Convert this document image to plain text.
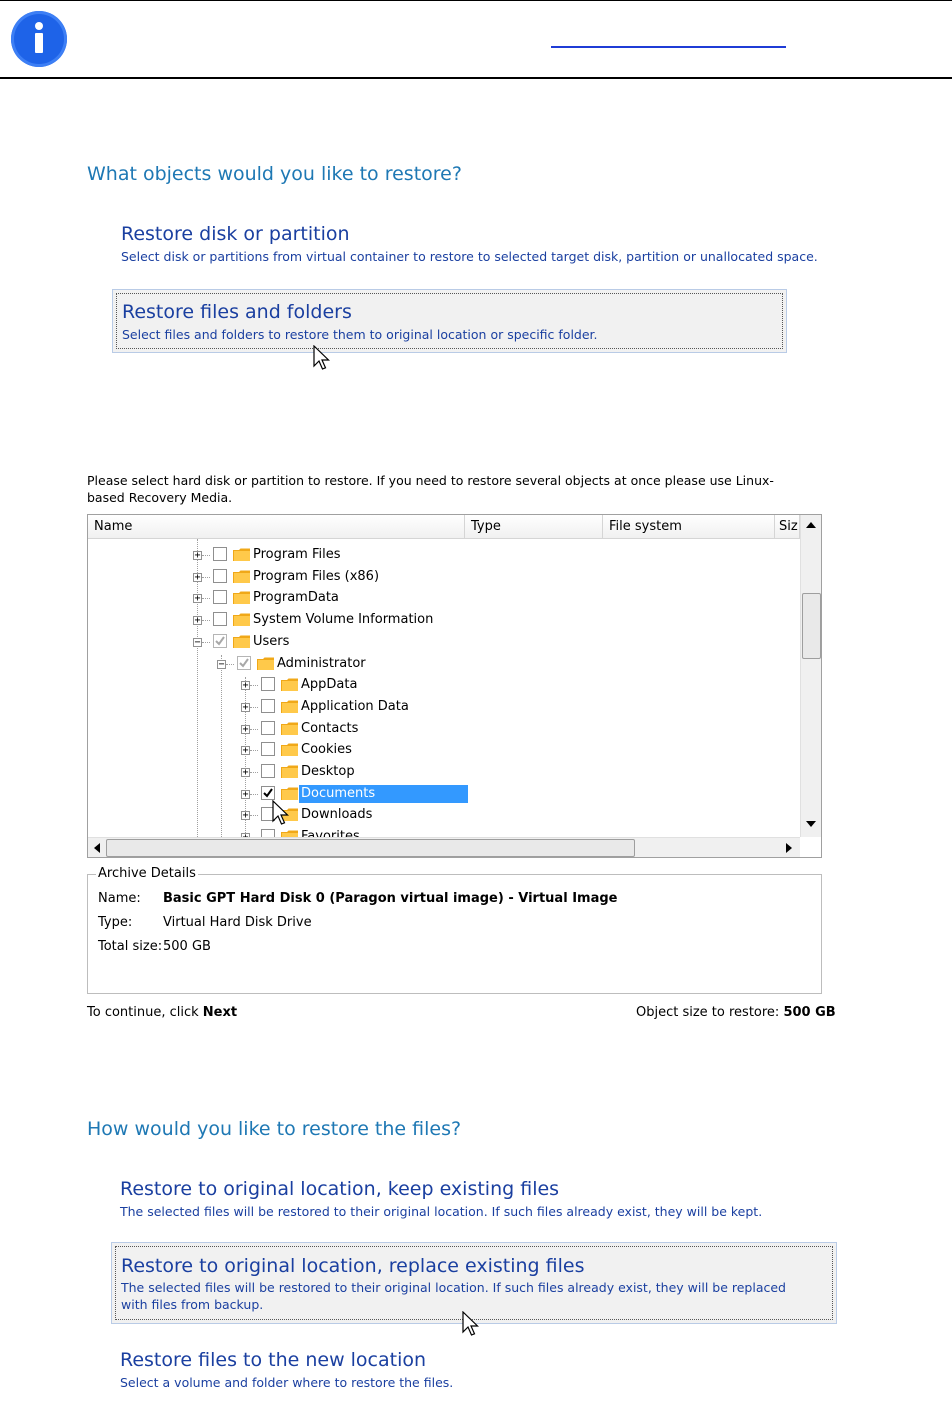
What objects would you like to restore?
Restore disk or partition
Select disk or partitions from virtual container to restore to selected target disk, partition or unallocated space.
Restore files and folders
Select files and folders to restore them to original location or specific folder.
Please select hard disk or partition to restore. If you need to restore several objects at once please use Linux-based Recovery Media.
Name	Type	File system	Siz
+	Program Files
+	Program Files (x86)
+	ProgramData
+	System Volume Information
−	Users
−	Administrator
+	AppData
+	Application Data
+	Contacts
+	Cookies
+	Desktop
+	Documents
+	Downloads
Archive Details
Name: Basic GPT Hard Disk 0 (Paragon virtual image) - Virtual Image
Type: Virtual Hard Disk Drive
Total size: 500 GB
To continue, click Next	Object size to restore: 500 GB
How would you like to restore the files?
Restore to original location, keep existing files
The selected files will be restored to their original location. If such files already exist, they will be kept.
Restore to original location, replace existing files
The selected files will be restored to their original location. If such files already exist, they will be replaced with files from backup.
Restore files to the new location
Select a volume and folder where to restore the files.
